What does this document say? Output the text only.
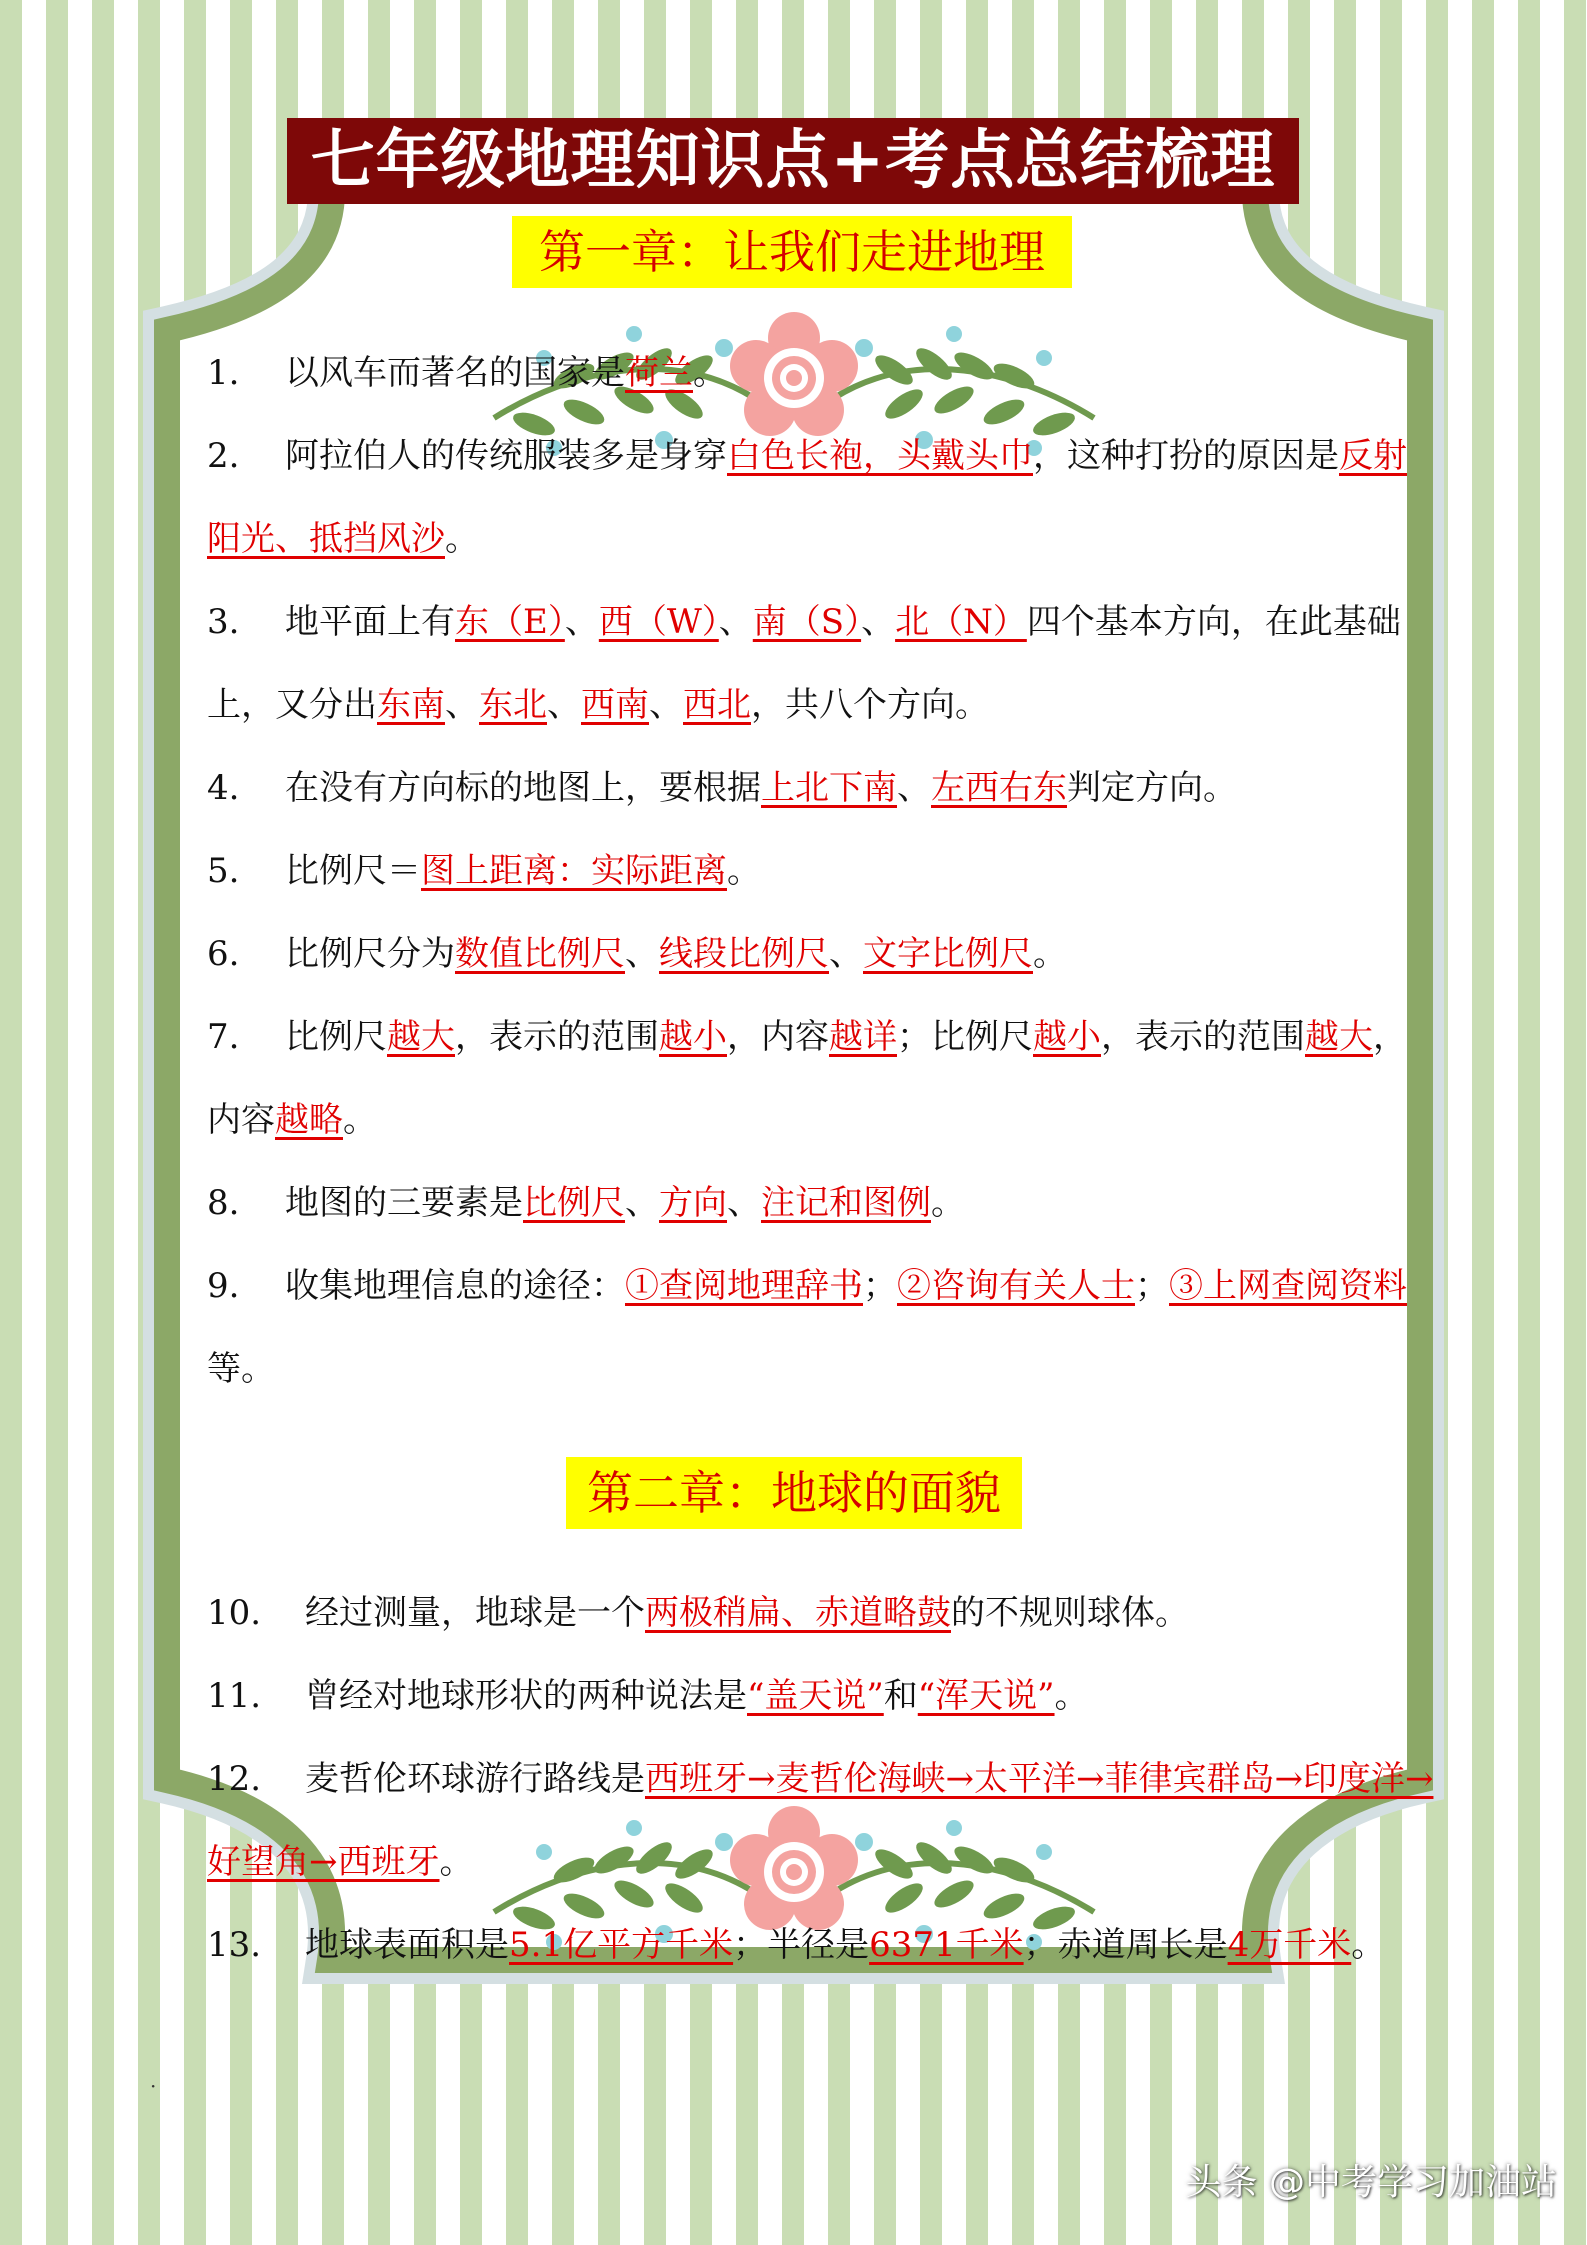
七年级地理知识点+考点总结梳理
第一章：让我们走进地理

1. 以风车而著名的国家是荷兰。

2. 阿拉伯人的传统服装多是身穿白色长袍，头戴头巾，这种打扮的原因是反射阳光、抵挡风沙。

3. 地平面上有东（E）、西（W）、南（S）、北（N）四个基本方向，在此基础上，又分出东南、东北、西南、西北，共八个方向。

4. 在没有方向标的地图上，要根据上北下南、左西右东判定方向。

5. 比例尺＝图上距离：实际距离。

6. 比例尺分为数值比例尺、线段比例尺、文字比例尺。

7. 比例尺越大，表示的范围越小，内容越详；比例尺越小，表示的范围越大，内容越略。

8. 地图的三要素是比例尺、方向、注记和图例。

9. 收集地理信息的途径：①查阅地理辞书；②咨询有关人士；③上网查阅资料等。

第二章：地球的面貌

10. 经过测量，地球是一个两极稍扁、赤道略鼓的不规则球体。

11. 曾经对地球形状的两种说法是“盖天说”和“浑天说”。

12. 麦哲伦环球游行路线是西班牙→麦哲伦海峡→太平洋→菲律宾群岛→印度洋→好望角→西班牙。

13. 地球表面积是5.1亿平方千米；半径是6371千米；赤道周长是4万千米。

·
头条 @中考学习加油站
